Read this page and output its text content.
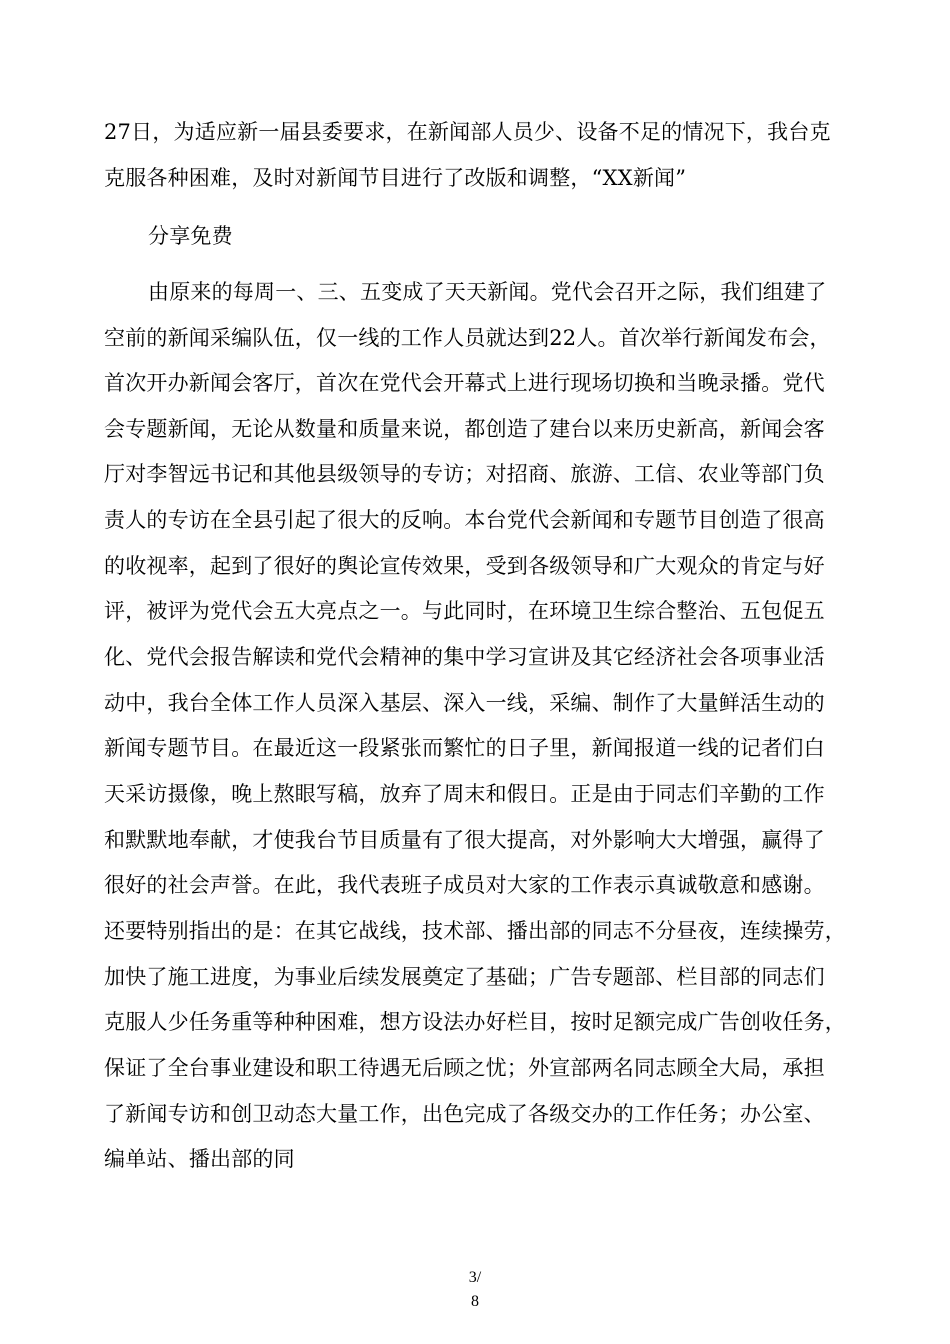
27日，为适应新一届县委要求，在新闻部人员少、设备不足的情况下，我台克
克服各种困难，及时对新闻节目进行了改版和调整，“XX新闻”
分享免费
由原来的每周一、三、五变成了天天新闻。党代会召开之际，我们组建了
空前的新闻采编队伍，仅一线的工作人员就达到22人。首次举行新闻发布会，
首次开办新闻会客厅，首次在党代会开幕式上进行现场切换和当晚录播。党代
会专题新闻，无论从数量和质量来说，都创造了建台以来历史新高，新闻会客
厅对李智远书记和其他县级领导的专访；对招商、旅游、工信、农业等部门负
责人的专访在全县引起了很大的反响。本台党代会新闻和专题节目创造了很高
的收视率，起到了很好的舆论宣传效果，受到各级领导和广大观众的肯定与好
评，被评为党代会五大亮点之一。与此同时，在环境卫生综合整治、五包促五
化、党代会报告解读和党代会精神的集中学习宣讲及其它经济社会各项事业活
动中，我台全体工作人员深入基层、深入一线，采编、制作了大量鲜活生动的
新闻专题节目。在最近这一段紧张而繁忙的日子里，新闻报道一线的记者们白
天采访摄像，晚上熬眼写稿，放弃了周末和假日。正是由于同志们辛勤的工作
和默默地奉献，才使我台节目质量有了很大提高，对外影响大大增强，赢得了
很好的社会声誉。在此，我代表班子成员对大家的工作表示真诚敬意和感谢。
还要特别指出的是：在其它战线，技术部、播出部的同志不分昼夜，连续操劳，
加快了施工进度，为事业后续发展奠定了基础；广告专题部、栏目部的同志们
克服人少任务重等种种困难，想方设法办好栏目，按时足额完成广告创收任务，
保证了全台事业建设和职工待遇无后顾之忧；外宣部两名同志顾全大局，承担
了新闻专访和创卫动态大量工作，出色完成了各级交办的工作任务；办公室、
编单站、播出部的同
3/
8
